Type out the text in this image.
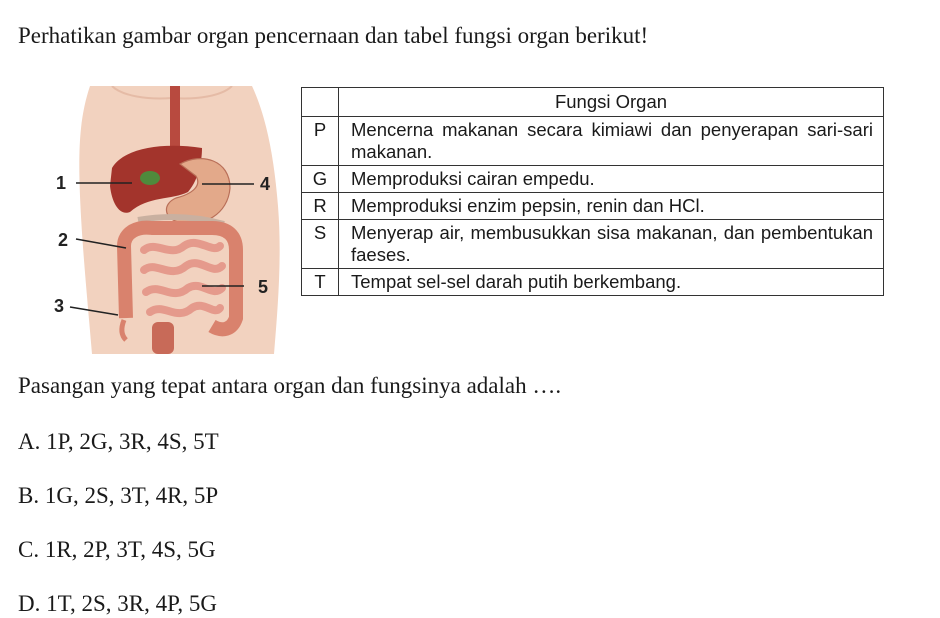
Perhatikan gambar organ pencernaan dan tabel fungsi organ berikut!
1
2
3
4
5
	Fungsi Organ
P	Mencerna makanan secara kimiawi dan penyerapan sari-sari makanan.
G	Memproduksi cairan empedu.
R	Memproduksi enzim pepsin, renin dan HCl.
S	Menyerap air, membusukkan sisa makanan, dan pembentukan faeses.
T	Tempat sel-sel darah putih berkembang.
Pasangan yang tepat antara organ dan fungsinya adalah ….
A. 1P, 2G, 3R, 4S, 5T
B. 1G, 2S, 3T, 4R, 5P
C. 1R, 2P, 3T, 4S, 5G
D. 1T, 2S, 3R, 4P, 5G
